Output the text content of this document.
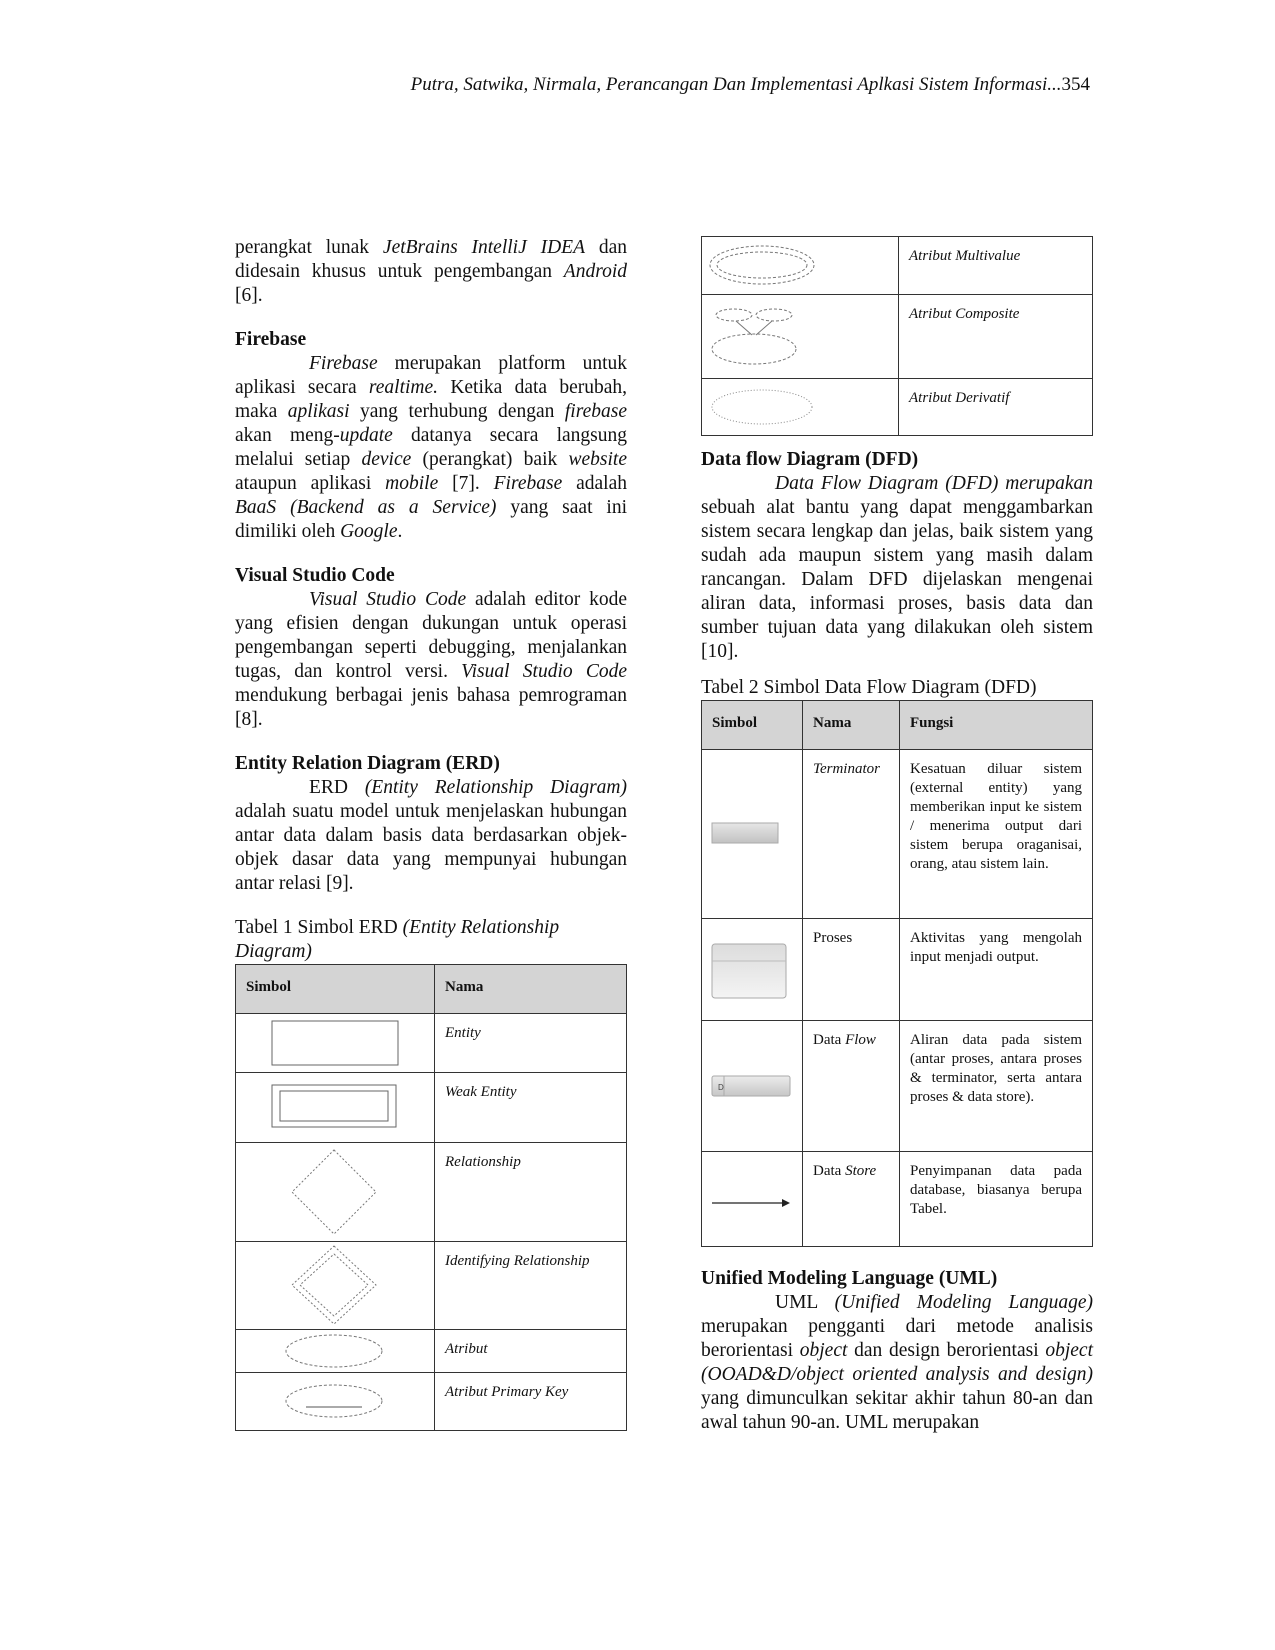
Putra, Satwika, Nirmala, Perancangan Dan Implementasi Aplkasi Sistem Informasi...354

perangkat lunak JetBrains IntelliJ IDEA dan didesain khusus untuk pengembangan Android [6].

Firebase

Firebase merupakan platform untuk aplikasi secara realtime. Ketika data berubah, maka aplikasi yang terhubung dengan firebase akan meng-update datanya secara langsung melalui setiap device (perangkat) baik website ataupun aplikasi mobile [7]. Firebase adalah BaaS (Backend as a Service) yang saat ini dimiliki oleh Google.

Visual Studio Code

Visual Studio Code adalah editor kode yang efisien dengan dukungan untuk operasi pengembangan seperti debugging, menjalankan tugas, dan kontrol versi. Visual Studio Code mendukung berbagai jenis bahasa pemrograman [8].

Entity Relation Diagram (ERD)

ERD (Entity Relationship Diagram) adalah suatu model untuk menjelaskan hubungan antar data dalam basis data berdasarkan objek-objek dasar data yang mempunyai hubungan antar relasi [9].

Tabel 1 Simbol ERD (Entity Relationship Diagram)

Simbol	Nama

	Entity

	Weak Entity

	Relationship

	Identifying Relationship

	Atribut

	Atribut Primary Key
	Atribut Multivalue

	Atribut Composite

	Atribut Derivatif
Data flow Diagram (DFD)

Data Flow Diagram (DFD) merupakan sebuah alat bantu yang dapat menggambarkan sistem secara lengkap dan jelas, baik sistem yang sudah ada maupun sistem yang masih dalam rancangan. Dalam DFD dijelaskan mengenai aliran data, informasi proses, basis data dan sumber tujuan data yang dilakukan oleh sistem [10].

Tabel 2 Simbol Data Flow Diagram (DFD)

Simbol	Nama	Fungsi

	Terminator	Kesatuan diluar sistem (external entity) yang memberikan input ke sistem / menerima output dari sistem berupa oraganisai, orang, atau sistem lain.

	Proses	Aktivitas yang mengolah input menjadi output.

D	Data Flow	Aliran data pada sistem (antar proses, antara proses & terminator, serta antara proses & data store).

	Data Store	Penyimpanan data pada database, biasanya berupa Tabel.

Unified Modeling Language (UML)

UML (Unified Modeling Language) merupakan pengganti dari metode analisis berorientasi object dan design berorientasi object (OOAD&D/object oriented analysis and design) yang dimunculkan sekitar akhir tahun 80-an dan awal tahun 90-an. UML merupakan
